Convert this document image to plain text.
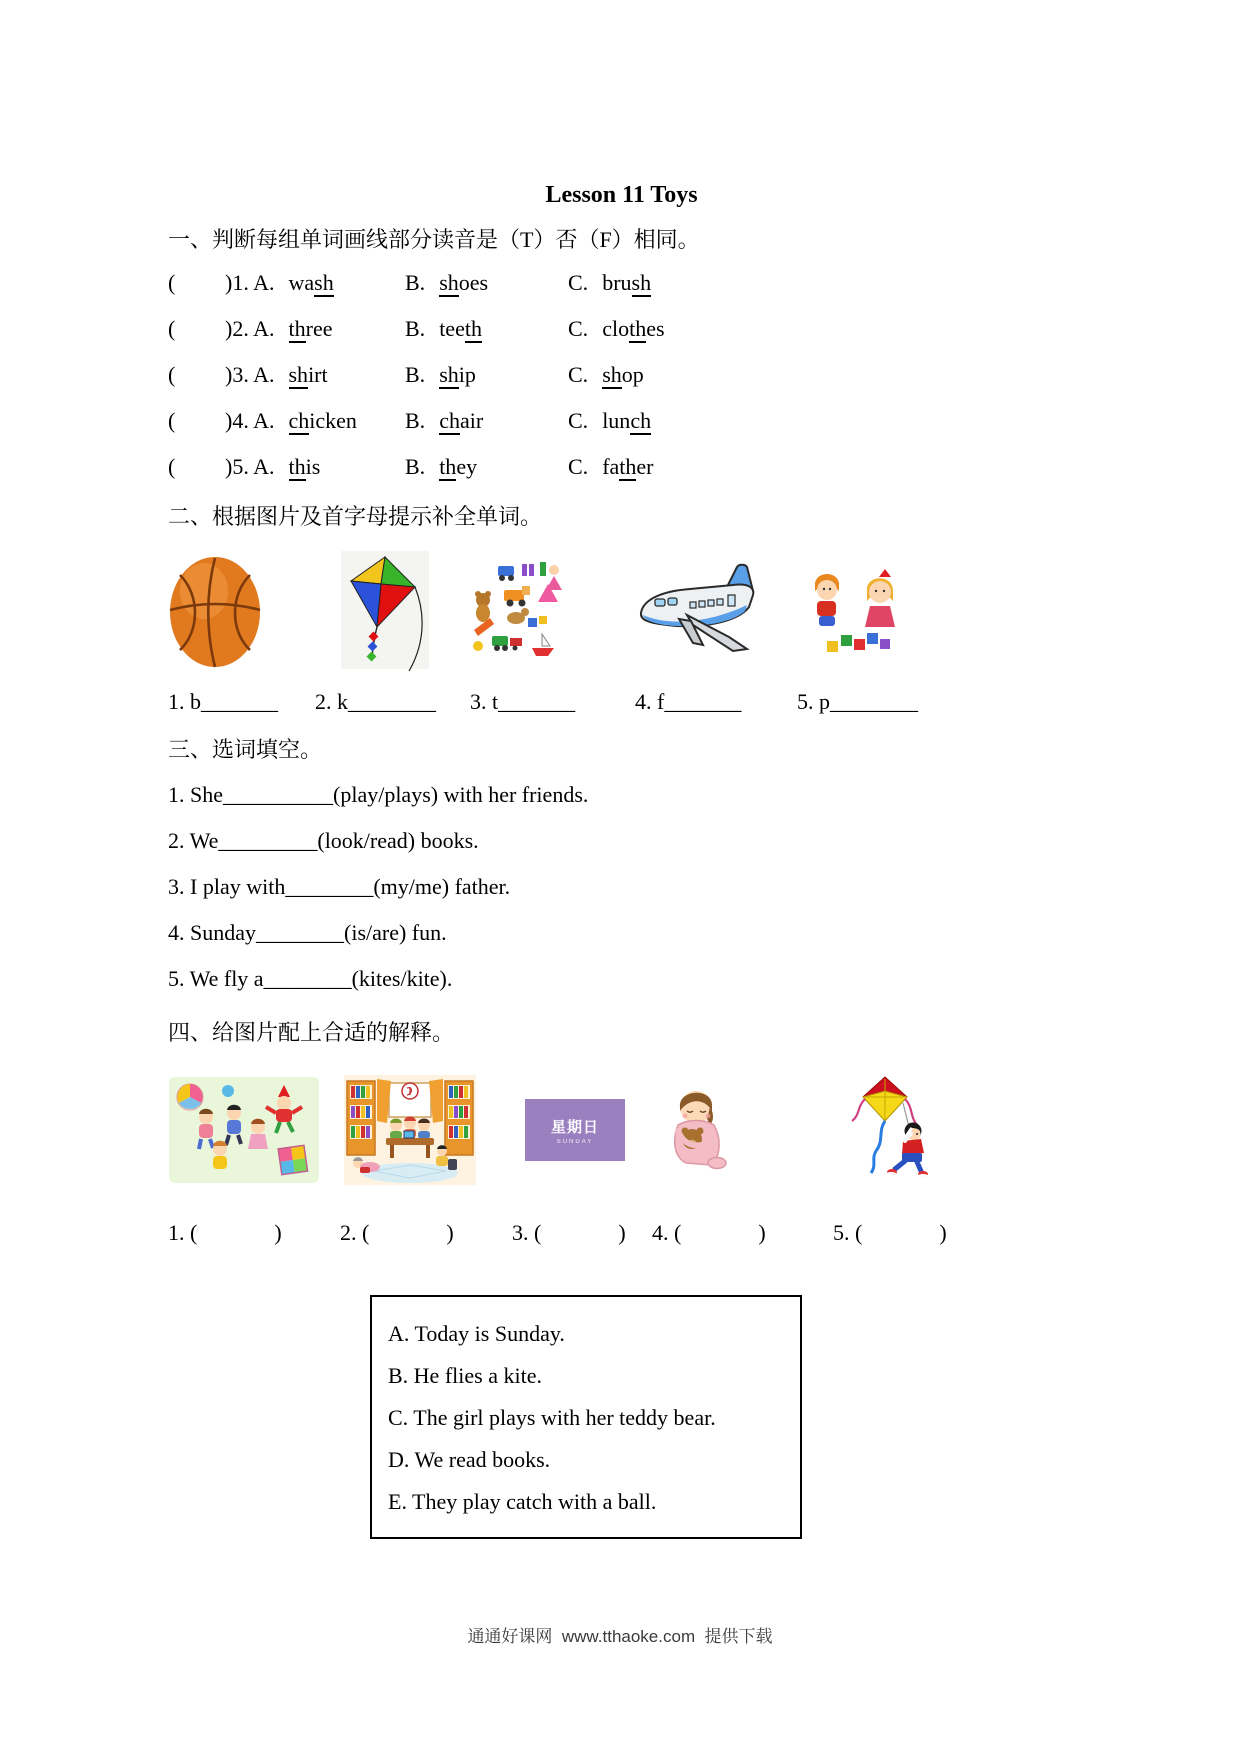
Lesson 11 Toys
一、判断每组单词画线部分读音是（T）否（F）相同。
(	)1. A. wash	B. shoes	C. brush
(	)2. A. three	B. teeth	C. clothes
(	)3. A. shirt	B. ship	C. shop
(	)4. A. chicken	B. chair	C. lunch
(	)5. A. this	B. they	C. father
二、根据图片及首字母提示补全单词。
1. b_______	2. k________	3. t_______	4. f_______	5. p________
三、选词填空。
1. She__________(play/plays) with her friends.
2. We_________(look/read) books.
3. I play with________(my/me) father.
4. Sunday________(is/are) fun.
5. We fly a________(kites/kite).
四、给图片配上合适的解释。
星期日
SUNDAY
1. (              )	2. (              )	3. (              )	4. (              )	5. (              )
A. Today is Sunday.
B. He flies a kite.
C. The girl plays with her teddy bear.
D. We read books.
E. They play catch with a ball.
通通好课网  www.tthaoke.com  提供下载
